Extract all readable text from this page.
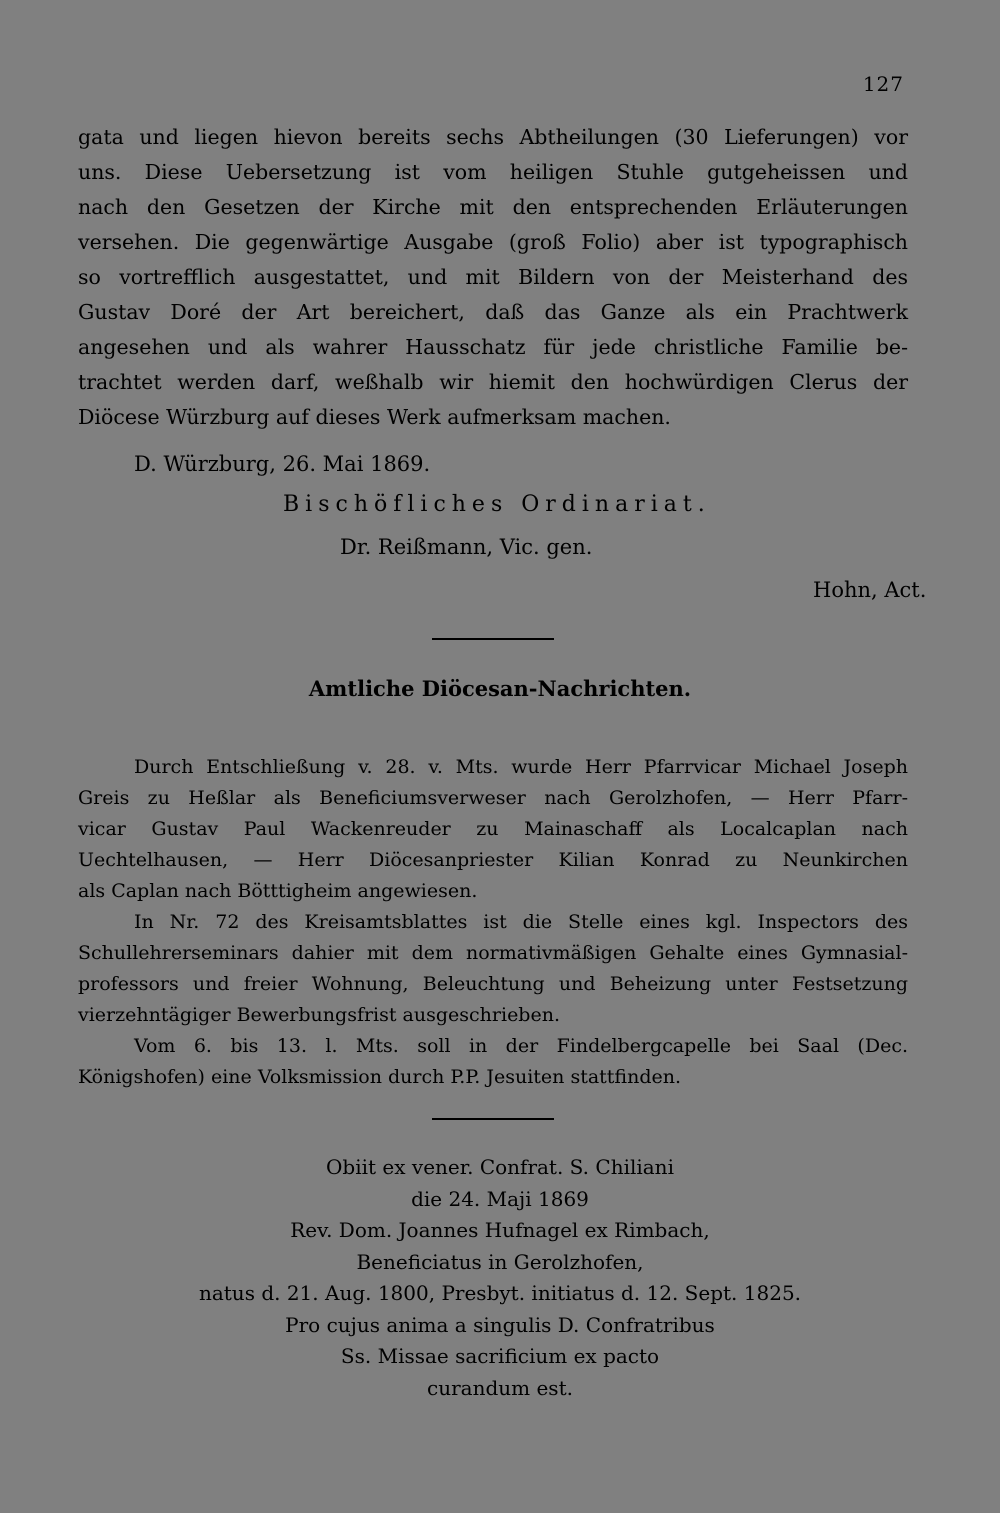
127
gata und liegen hievon bereits sechs Abtheilungen (30 Lieferungen) vor
uns. Diese Uebersetzung ist vom heiligen Stuhle gutgeheissen und
nach den Gesetzen der Kirche mit den entsprechenden Erläuterungen
versehen. Die gegenwärtige Ausgabe (groß Folio) aber ist typographisch
so vortrefflich ausgestattet, und mit Bildern von der Meisterhand des
Gustav Doré der Art bereichert, daß das Ganze als ein Prachtwerk
angesehen und als wahrer Hausschatz für jede christliche Familie be-
trachtet werden darf, weßhalb wir hiemit den hochwürdigen Clerus der
Diöcese Würzburg auf dieses Werk aufmerksam machen.
D. Würzburg, 26. Mai 1869.
Bischöfliches Ordinariat.
Dr. Reißmann, Vic. gen.
Hohn, Act.
Amtliche Diöcesan-Nachrichten.
Durch Entschließung v. 28. v. Mts. wurde Herr Pfarrvicar Michael Joseph
Greis zu Heßlar als Beneficiumsverweser nach Gerolzhofen, — Herr Pfarr-
vicar Gustav Paul Wackenreuder zu Mainaschaff als Localcaplan nach
Uechtelhausen, — Herr Diöcesanpriester Kilian Konrad zu Neunkirchen
als Caplan nach Bötttigheim angewiesen.
In Nr. 72 des Kreisamtsblattes ist die Stelle eines kgl. Inspectors des
Schullehrerseminars dahier mit dem normativmäßigen Gehalte eines Gymnasial-
professors und freier Wohnung, Beleuchtung und Beheizung unter Festsetzung
vierzehntägiger Bewerbungsfrist ausgeschrieben.
Vom 6. bis 13. l. Mts. soll in der Findelbergcapelle bei Saal (Dec.
Königshofen) eine Volksmission durch P.P. Jesuiten stattfinden.
Obiit ex vener. Confrat. S. Chiliani
die 24. Maji 1869
Rev. Dom. Joannes Hufnagel ex Rimbach,
Beneficiatus in Gerolzhofen,
natus d. 21. Aug. 1800, Presbyt. initiatus d. 12. Sept. 1825.
Pro cujus anima a singulis D. Confratribus
Ss. Missae sacrificium ex pacto
curandum est.
